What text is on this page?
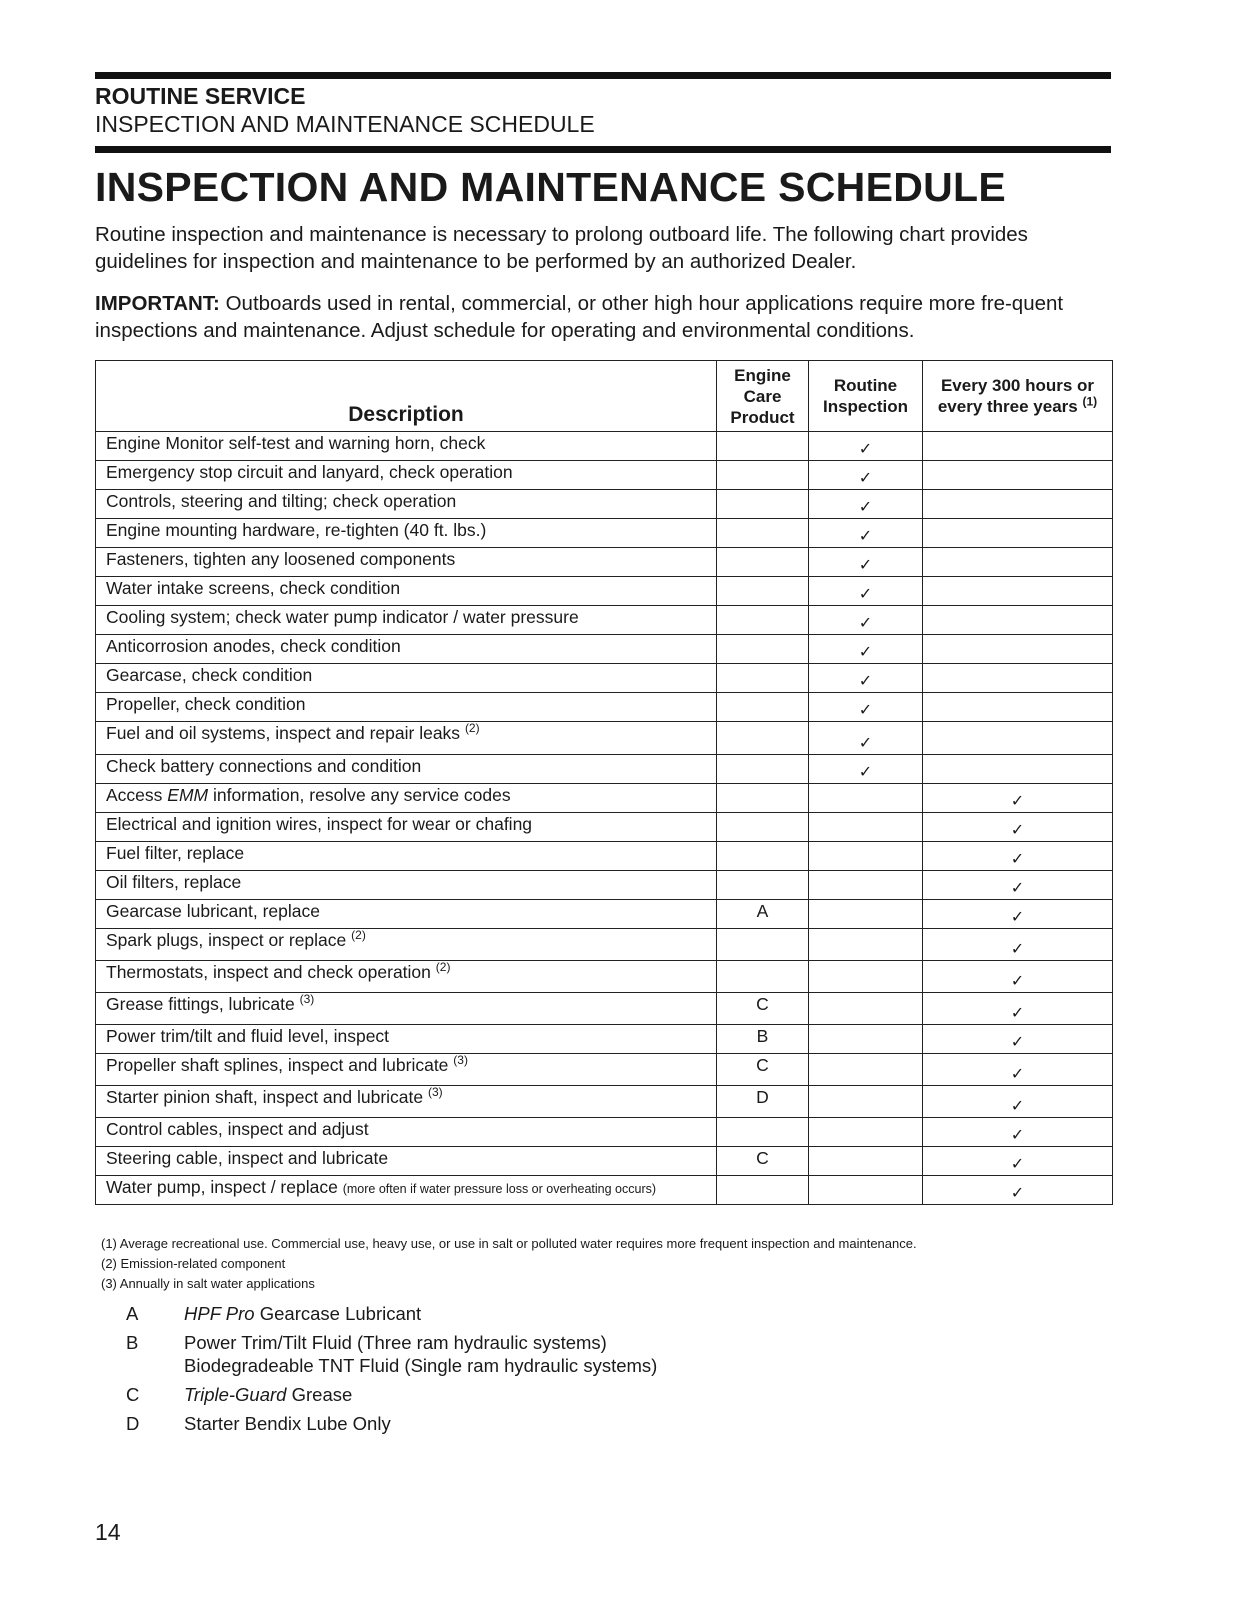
ROUTINE SERVICE
INSPECTION AND MAINTENANCE SCHEDULE
INSPECTION AND MAINTENANCE SCHEDULE

Routine inspection and maintenance is necessary to prolong outboard life. The following chart provides guidelines for inspection and maintenance to be performed by an authorized Dealer.

IMPORTANT: Outboards used in rental, commercial, or other high hour applications require more fre-quent inspections and maintenance. Adjust schedule for operating and environmental conditions.

Description	Engine Care Product	Routine Inspection	Every 300 hours or every three years $^{(1)}$
Engine Monitor self-test and warning horn, check		✓	
Emergency stop circuit and lanyard, check operation		✓	
Controls, steering and tilting; check operation		✓	
Engine mounting hardware, re-tighten (40 ft. lbs.)		✓	
Fasteners, tighten any loosened components		✓	
Water intake screens, check condition		✓	
Cooling system; check water pump indicator / water pressure		✓	
Anticorrosion anodes, check condition		✓	
Gearcase, check condition		✓	
Propeller, check condition		✓	
Fuel and oil systems, inspect and repair leaks $^{(2)}$		✓	
Check battery connections and condition		✓	
Access EMM information, resolve any service codes			✓
Electrical and ignition wires, inspect for wear or chafing			✓
Fuel filter, replace			✓
Oil filters, replace			✓
Gearcase lubricant, replace	A		✓
Spark plugs, inspect or replace $^{(2)}$			✓
Thermostats, inspect and check operation $^{(2)}$			✓
Grease fittings, lubricate $^{(3)}$	C		✓
Power trim/tilt and fluid level, inspect	B		✓
Propeller shaft splines, inspect and lubricate $^{(3)}$	C		✓
Starter pinion shaft, inspect and lubricate $^{(3)}$	D		✓
Control cables, inspect and adjust			✓
Steering cable, inspect and lubricate	C		✓
Water pump, inspect / replace (more often if water pressure loss or overheating occurs)			✓
(1) Average recreational use. Commercial use, heavy use, or use in salt or polluted water requires more frequent inspection and maintenance.
(2) Emission-related component
(3) Annually in salt water applications
A	HPF Pro Gearcase Lubricant
B	Power Trim/Tilt Fluid (Three ram hydraulic systems)
Biodegradeable TNT Fluid (Single ram hydraulic systems)
C	Triple-Guard Grease
D	Starter Bendix Lube Only
14
